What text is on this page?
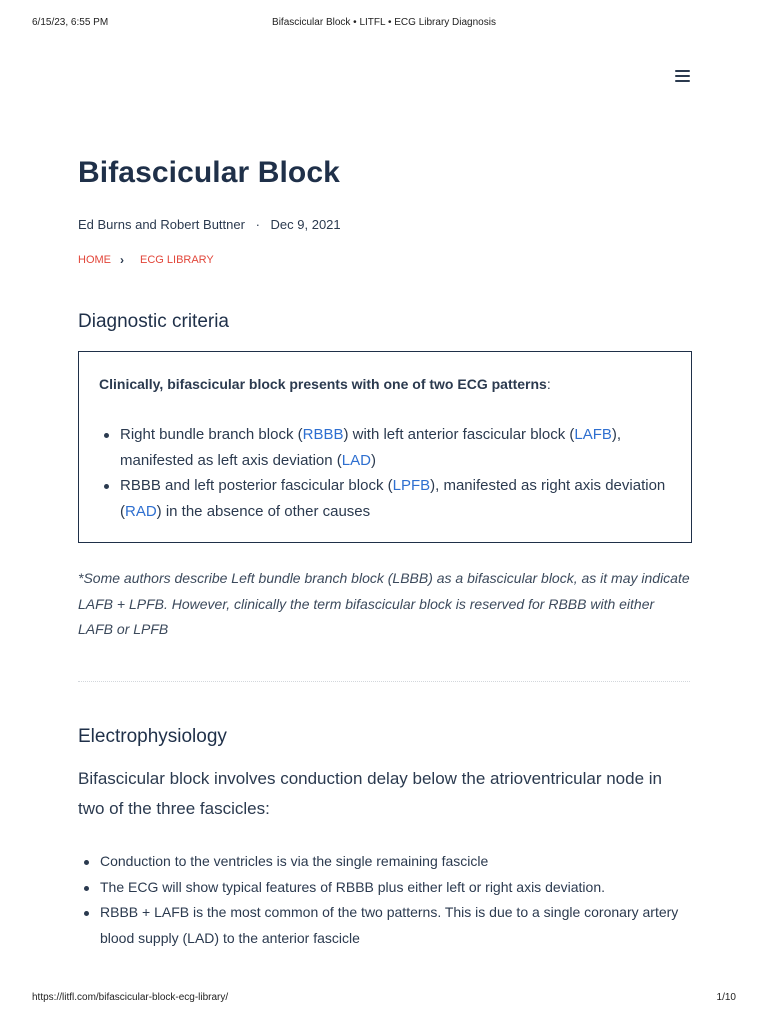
6/15/23, 6:55 PM	Bifascicular Block • LITFL • ECG Library Diagnosis
Bifascicular Block
Ed Burns and Robert Buttner · Dec 9, 2021
HOME ›	ECG LIBRARY
Diagnostic criteria

Clinically, bifascicular block presents with one of two ECG patterns:

Right bundle branch block (RBBB) with left anterior fascicular block (LAFB), manifested as left axis deviation (LAD)
RBBB and left posterior fascicular block (LPFB), manifested as right axis deviation (RAD) in the absence of other causes

*Some authors describe Left bundle branch block (LBBB) as a bifascicular block, as it may indicate LAFB + LPFB. However, clinically the term bifascicular block is reserved for RBBB with either LAFB or LPFB

Electrophysiology

Bifascicular block involves conduction delay below the atrioventricular node in two of the three fascicles:

Conduction to the ventricles is via the single remaining fascicle
The ECG will show typical features of RBBB plus either left or right axis deviation.
RBBB + LAFB is the most common of the two patterns. This is due to a single coronary artery blood supply (LAD) to the anterior fascicle
https://litfl.com/bifascicular-block-ecg-library/	1/10
